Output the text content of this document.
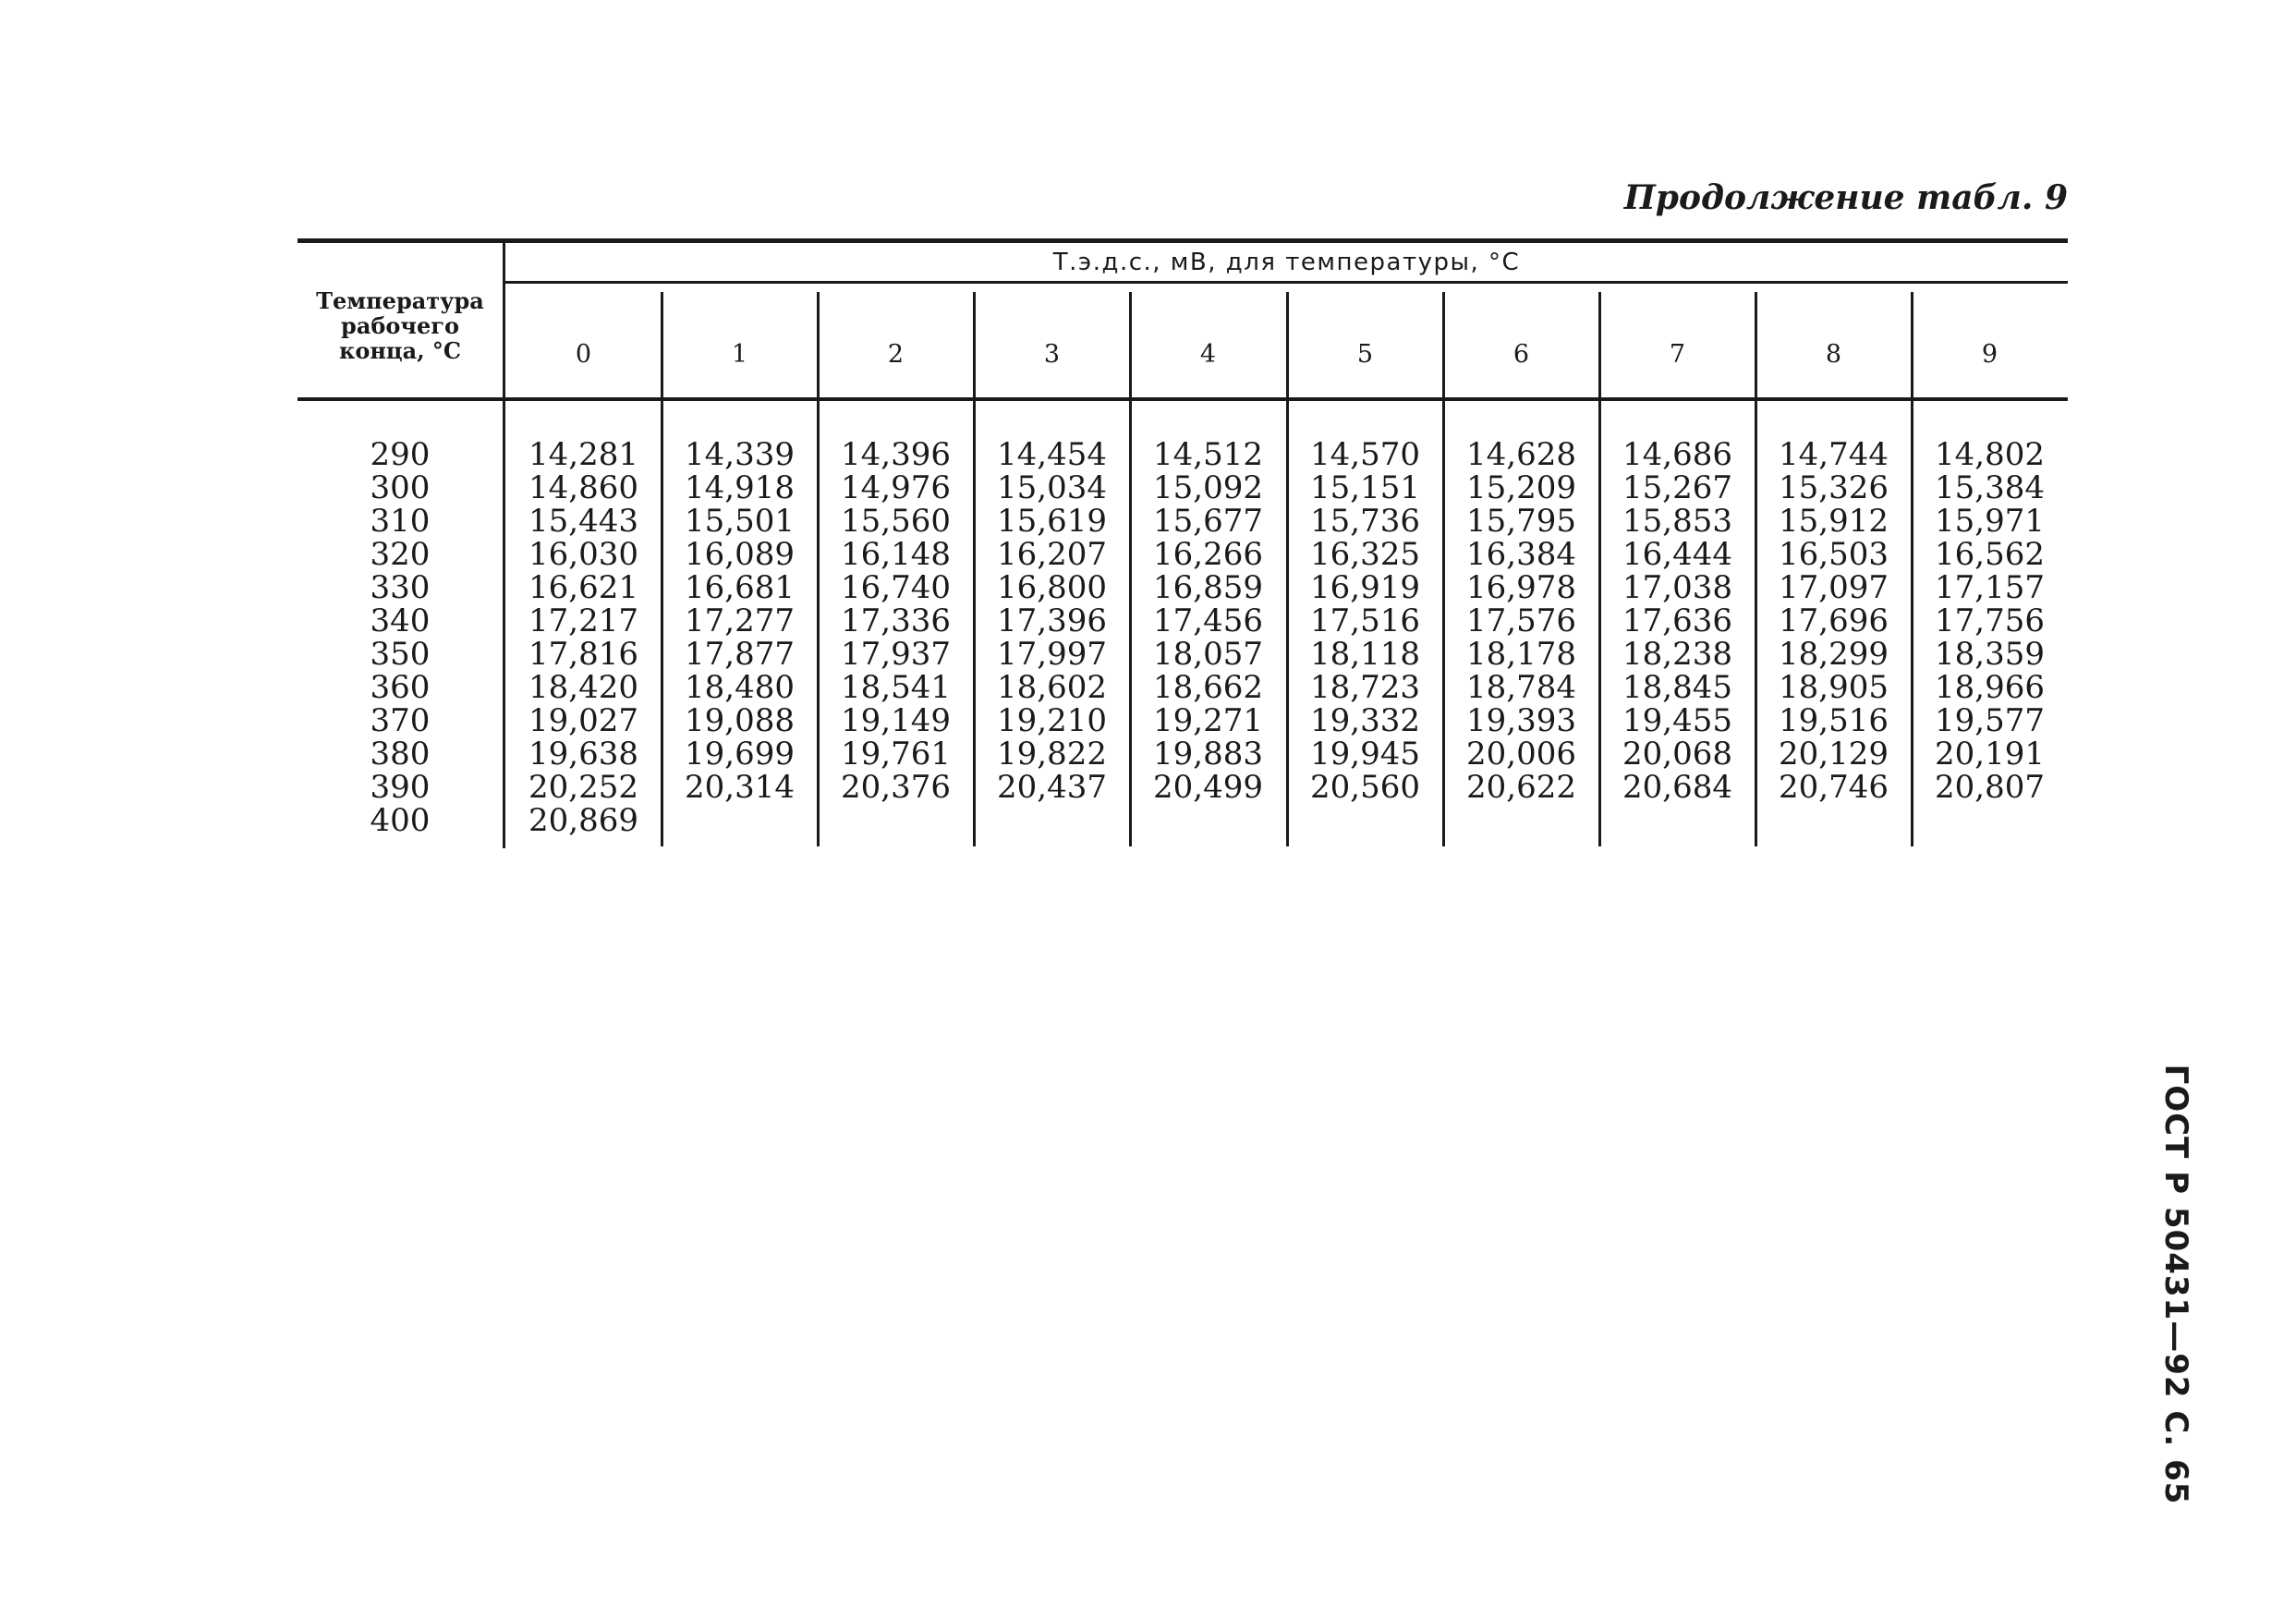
Продолжение табл. 9
ГОСТ Р 50431—92 С. 65
Температура
рабочего
конца, °C
Т.э.д.с., мВ, для температуры, °C
0	1	2	3	4	5	6	7	8	9
290	14,281	14,339	14,396	14,454	14,512	14,570	14,628	14,686	14,744	14,802
300	14,860	14,918	14,976	15,034	15,092	15,151	15,209	15,267	15,326	15,384
310	15,443	15,501	15,560	15,619	15,677	15,736	15,795	15,853	15,912	15,971
320	16,030	16,089	16,148	16,207	16,266	16,325	16,384	16,444	16,503	16,562
330	16,621	16,681	16,740	16,800	16,859	16,919	16,978	17,038	17,097	17,157
340	17,217	17,277	17,336	17,396	17,456	17,516	17,576	17,636	17,696	17,756
350	17,816	17,877	17,937	17,997	18,057	18,118	18,178	18,238	18,299	18,359
360	18,420	18,480	18,541	18,602	18,662	18,723	18,784	18,845	18,905	18,966
370	19,027	19,088	19,149	19,210	19,271	19,332	19,393	19,455	19,516	19,577
380	19,638	19,699	19,761	19,822	19,883	19,945	20,006	20,068	20,129	20,191
390	20,252	20,314	20,376	20,437	20,499	20,560	20,622	20,684	20,746	20,807
400	20,869
